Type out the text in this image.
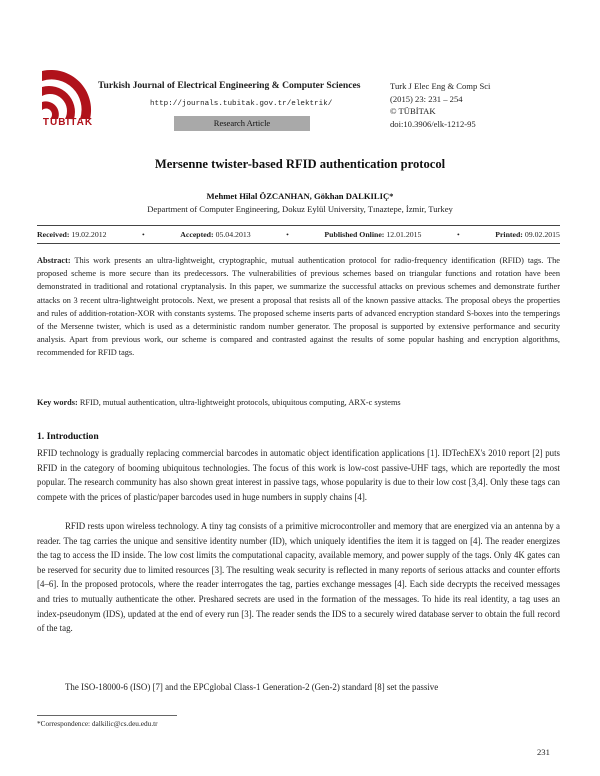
TÜBİTAK
Turkish Journal of Electrical Engineering & Computer Sciences
http://journals.tubitak.gov.tr/elektrik/
Research Article
Turk J Elec Eng & Comp Sci
(2015) 23: 231 – 254
© TÜBİTAK
doi:10.3906/elk-1212-95
Mersenne twister-based RFID authentication protocol
Mehmet Hilal ÖZCANHAN, Gökhan DALKILIÇ*
Department of Computer Engineering, Dokuz Eylül University, Tınaztepe, İzmir, Turkey
Received: 19.02.2012	•	Accepted: 05.04.2013	•	Published Online: 12.01.2015	•	Printed: 09.02.2015
Abstract: This work presents an ultra-lightweight, cryptographic, mutual authentication protocol for radio-frequency identification (RFID) tags. The proposed scheme is more secure than its predecessors. The vulnerabilities of previous schemes based on triangular functions and rotation have been demonstrated in traditional and rotational cryptanalysis. In this paper, we summarize the successful attacks on previous schemes and demonstrate further attacks on 3 recent ultra-lightweight protocols. Next, we present a proposal that resists all of the known passive attacks. The proposal obeys the properties and rules of addition-rotation-XOR with constants systems. The proposed scheme inserts parts of advanced encryption standard S-boxes into the temperings of the Mersenne twister, which is used as a deterministic random number generator. The proposal is supported by extensive performance and security analysis. Apart from previous work, our scheme is compared and contrasted against the results of some popular hashing and encryption algorithms, recommended for RFID tags.
Key words: RFID, mutual authentication, ultra-lightweight protocols, ubiquitous computing, ARX-c systems
1. Introduction
RFID technology is gradually replacing commercial barcodes in automatic object identification applications [1]. IDTechEX's 2010 report [2] puts RFID in the category of booming ubiquitous technologies. The focus of this work is low-cost passive-UHF tags, which are reportedly the most popular. The research community has also shown great interest in passive tags, whose popularity is due to their low cost [3,4]. Only these tags can compete with the prices of plastic/paper barcodes used in huge numbers in supply chains [4].
RFID rests upon wireless technology. A tiny tag consists of a primitive microcontroller and memory that are energized via an antenna by a reader. The tag carries the unique and sensitive identity number (ID), which uniquely identifies the item it is tagged on [4]. The reader energizes the tag to access the ID inside. The low cost limits the computational capacity, available memory, and power supply of the tags. Only 4K gates can be reserved for security due to limited resources [3]. The resulting weak security is reflected in many reports of serious attacks and counter efforts [4–6]. In the proposed protocols, where the reader interrogates the tag, parties exchange messages [4]. Each side decrypts the received messages and tries to mutually authenticate the other. Preshared secrets are used in the formation of the messages. To hide its real identity, a tag uses an index-pseudonym (IDS), updated at the end of every run [3]. The reader sends the IDS to a securely wired database server to obtain the full record of the tag.
The ISO-18000-6 (ISO) [7] and the EPCglobal Class-1 Generation-2 (Gen-2) standard [8] set the passive
*Correspondence: dalkilic@cs.deu.edu.tr
231
